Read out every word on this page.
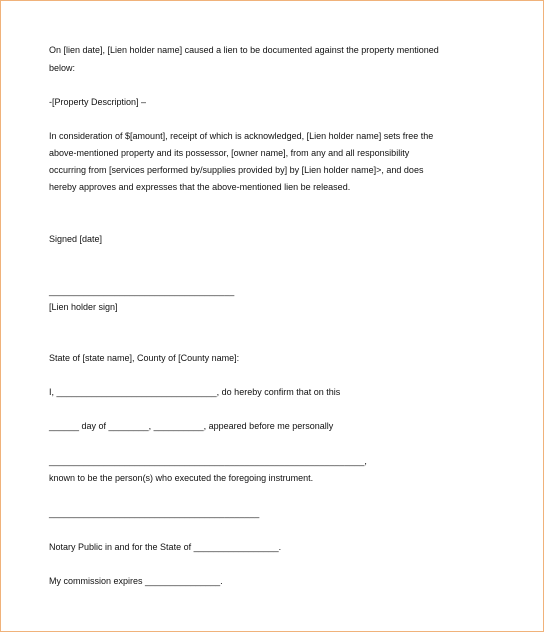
On [lien date], [Lien holder name] caused a lien to be documented against the property mentioned
below:
-[Property Description] –
In consideration of $[amount], receipt of which is acknowledged, [Lien holder name] sets free the
above-mentioned property and its possessor, [owner name], from any and all responsibility
occurring from [services performed by/supplies provided by] by [Lien holder name]>, and does
hereby approves and expresses that the above-mentioned lien be released.
Signed [date]
_____________________________________
[Lien holder sign]
State of [state name], County of [County name]:
I, ________________________________, do hereby confirm that on this
______ day of ________, __________, appeared before me personally
_______________________________________________________________,
known to be the person(s) who executed the foregoing instrument.
__________________________________________
Notary Public in and for the State of _________________.
My commission expires _______________.
